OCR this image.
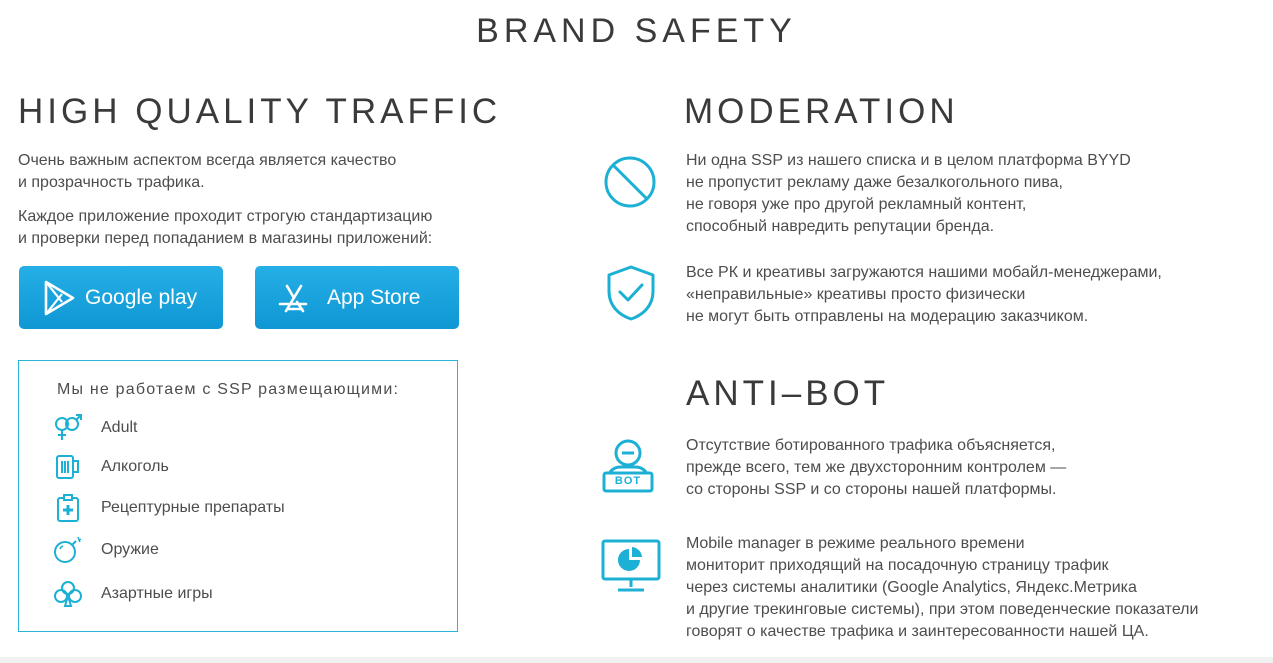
BRAND SAFETY
HIGH QUALITY TRAFFIC

Очень важным аспектом всегда является качество
и прозрачность трафика.

Каждое приложение проходит строгую стандартизацию
и проверки перед попаданием в магазины приложений:

Google play	App Store
Мы не работаем с SSP размещающими:
Adult
Алкоголь
Рецептурные препараты
Оружие
Азартные игры
MODERATION

Ни одна SSP из нашего списка и в целом платформа BYYD
не пропустит рекламу даже безалкогольного пива,
не говоря уже про другой рекламный контент,
способный навредить репутации бренда.

Все РК и креативы загружаются нашими мобайл-менеджерами,
«неправильные» креативы просто физически
не могут быть отправлены на модерацию заказчиком.

ANTI–BOT
BOT

Отсутствие ботированного трафика объясняется,
прежде всего, тем же двухсторонним контролем —
со стороны SSP и со стороны нашей платформы.

Mobile manager в режиме реального времени
мониторит приходящий на посадочную страницу трафик
через системы аналитики (Google Analytics, Яндекс.Метрика
и другие трекинговые системы), при этом поведенческие показатели
говорят о качестве трафика и заинтересованности нашей ЦА.
